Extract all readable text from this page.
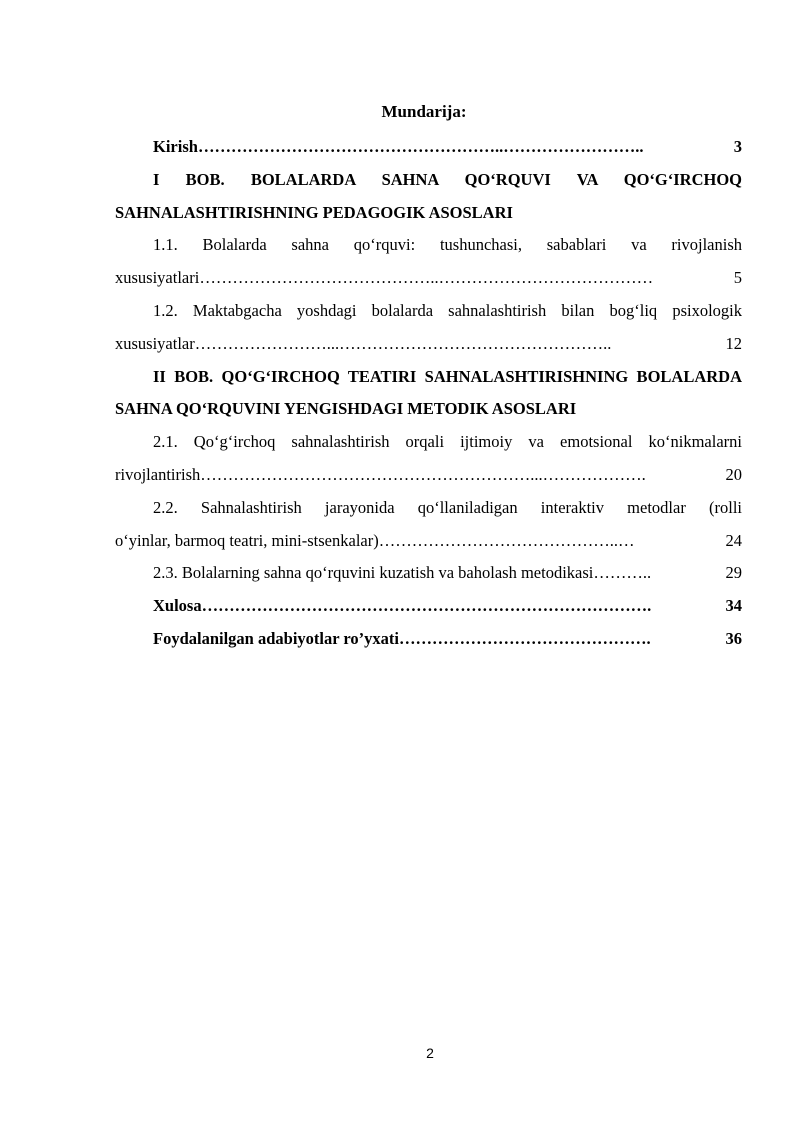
Mundarija:
Kirish ………………………………………………..……………………..	3

I BOB. BOLALARDA SAHNA QO‘RQUVI VA QO‘G‘IRCHOQ SAHNALASHTIRISHNING PEDAGOGIK ASOSLARI

1.1. Bolalarda sahna qo‘rquvi: tushunchasi, sabablari va rivojlanish
xususiyatlari ……………………………………..…………………………………	5
1.2. Maktabgacha yoshdagi bolalarda sahnalashtirish bilan bog‘liq psixologik
xususiyatlar ……………………...…………………………………………..	12

II BOB. QO‘G‘IRCHOQ TEATIRI SAHNALASHTIRISHNING BOLALARDA SAHNA QO‘RQUVINI YENGISHDAGI METODIK ASOSLARI

2.1. Qo‘g‘irchoq sahnalashtirish orqali ijtimoiy va emotsional ko‘nikmalarni
rivojlantirish ……………………………………………………...……………….	20
2.2. Sahnalashtirish jarayonida qo‘llaniladigan interaktiv metodlar (rolli
o‘yinlar, barmoq teatri, mini-stsenkalar) ……………………………………..…	24
2.3. Bolalarning sahna qo‘rquvini kuzatish va baholash metodikasi ………..	29
Xulosa ……………………………………………………………………….	34
Foydalanilgan adabiyotlar ro’yxati ……………………………………….	36
2
